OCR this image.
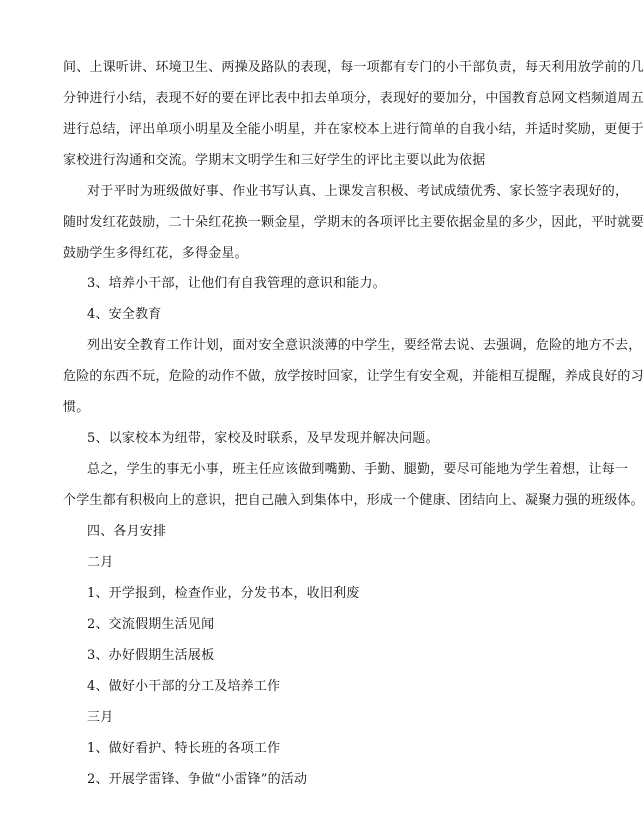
间、上课听讲、环境卫生、两操及路队的表现，每一项都有专门的小干部负责，每天利用放学前的几
分钟进行小结，表现不好的要在评比表中扣去单项分，表现好的要加分，中国教育总网文档频道周五
进行总结，评出单项小明星及全能小明星，并在家校本上进行简单的自我小结，并适时奖励，更便于
家校进行沟通和交流。学期末文明学生和三好学生的评比主要以此为依据
对于平时为班级做好事、作业书写认真、上课发言积极、考试成绩优秀、家长签字表现好的，
随时发红花鼓励，二十朵红花换一颗金星，学期末的各项评比主要依据金星的多少，因此，平时就要
鼓励学生多得红花，多得金星。
3、培养小干部，让他们有自我管理的意识和能力。
4、安全教育
列出安全教育工作计划，面对安全意识淡薄的中学生，要经常去说、去强调，危险的地方不去，
危险的东西不玩，危险的动作不做，放学按时回家，让学生有安全观，并能相互提醒，养成良好的习
惯。
5、以家校本为纽带，家校及时联系，及早发现并解决问题。
总之，学生的事无小事，班主任应该做到嘴勤、手勤、腿勤，要尽可能地为学生着想，让每一
个学生都有积极向上的意识，把自己融入到集体中，形成一个健康、团结向上、凝聚力强的班级体。
四、各月安排
二月
1、开学报到，检查作业，分发书本，收旧利废
2、交流假期生活见闻
3、办好假期生活展板
4、做好小干部的分工及培养工作
三月
1、做好看护、特长班的各项工作
2、开展学雷锋、争做“小雷锋”的活动
